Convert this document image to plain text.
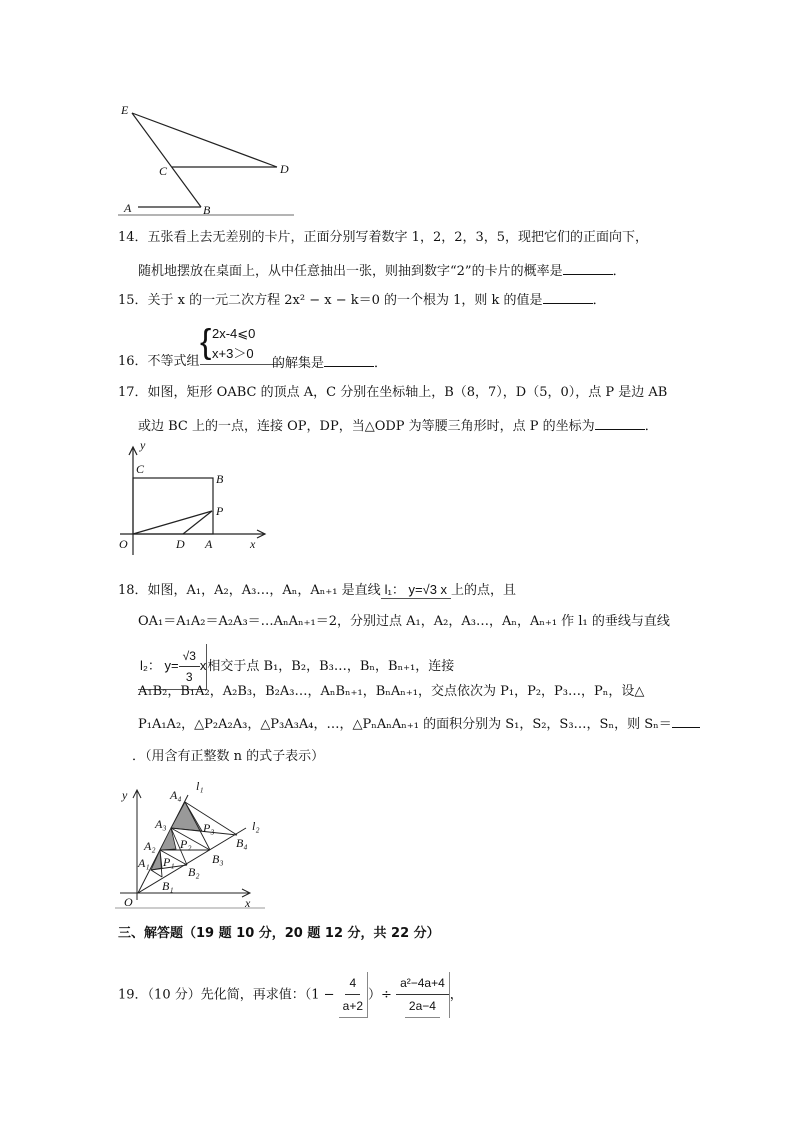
E
C	D
A	B
14．五张看上去无差别的卡片，正面分别写着数字 1，2，2，3，5，现把它们的正面向下，
随机地摆放在桌面上，从中任意抽出一张，则抽到数字“2”的卡片的概率是	．
15．关于 x 的一元二次方程 2x² − x − k＝0 的一个根为 1，则 k 的值是	．
16．不等式组
{ 2x-4⩽0
x+3＞0
的解集是	．
17．如图，矩形 OABC 的顶点 A，C 分别在坐标轴上，B（8，7），D（5，0），点 P 是边 AB
或边 BC 上的一点，连接 OP，DP，当△ODP 为等腰三角形时，点 P 的坐标为	．
y
C
B
P
O	D A	x
18．如图，A₁，A₂，A₃…，Aₙ，Aₙ₊₁ 是直线 l₁： y=√3 x 上的点，且
OA₁＝A₁A₂＝A₂A₃＝…AₙAₙ₊₁＝2，分别过点 A₁，A₂，A₃…，Aₙ，Aₙ₊₁ 作 l₁ 的垂线与直线
l₂： $y= \frac{√3}{3}$ x相交于点 B₁，B₂，B₃…，Bₙ，Bₙ₊₁，连接
A₁B₂，B₁A₂，A₂B₃，B₂A₃…，AₙBₙ₊₁，BₙAₙ₊₁，交点依次为 P₁，P₂，P₃…，Pₙ，设△
P₁A₁A₂，△P₂A₂A₃，△P₃A₃A₄，…，△PₙAₙAₙ₊₁ 的面积分别为 S₁，S₂，S₃…，Sₙ，则 Sₙ＝
．（用含有正整数 n 的式子表示）
y
O	x
l₁
l₂
A₄
A₃
A₂
A₁ P₁
P₂
P₃
B₁
B₂
B₃
B₄
三、解答题（19 题 10 分，20 题 12 分，共 22 分）
19．（10 分）先化简，再求值：（$1 - \frac{4}{a+2}$ ）÷ $\frac{\text{a²−4a+4}}{2a-4}$ ，
